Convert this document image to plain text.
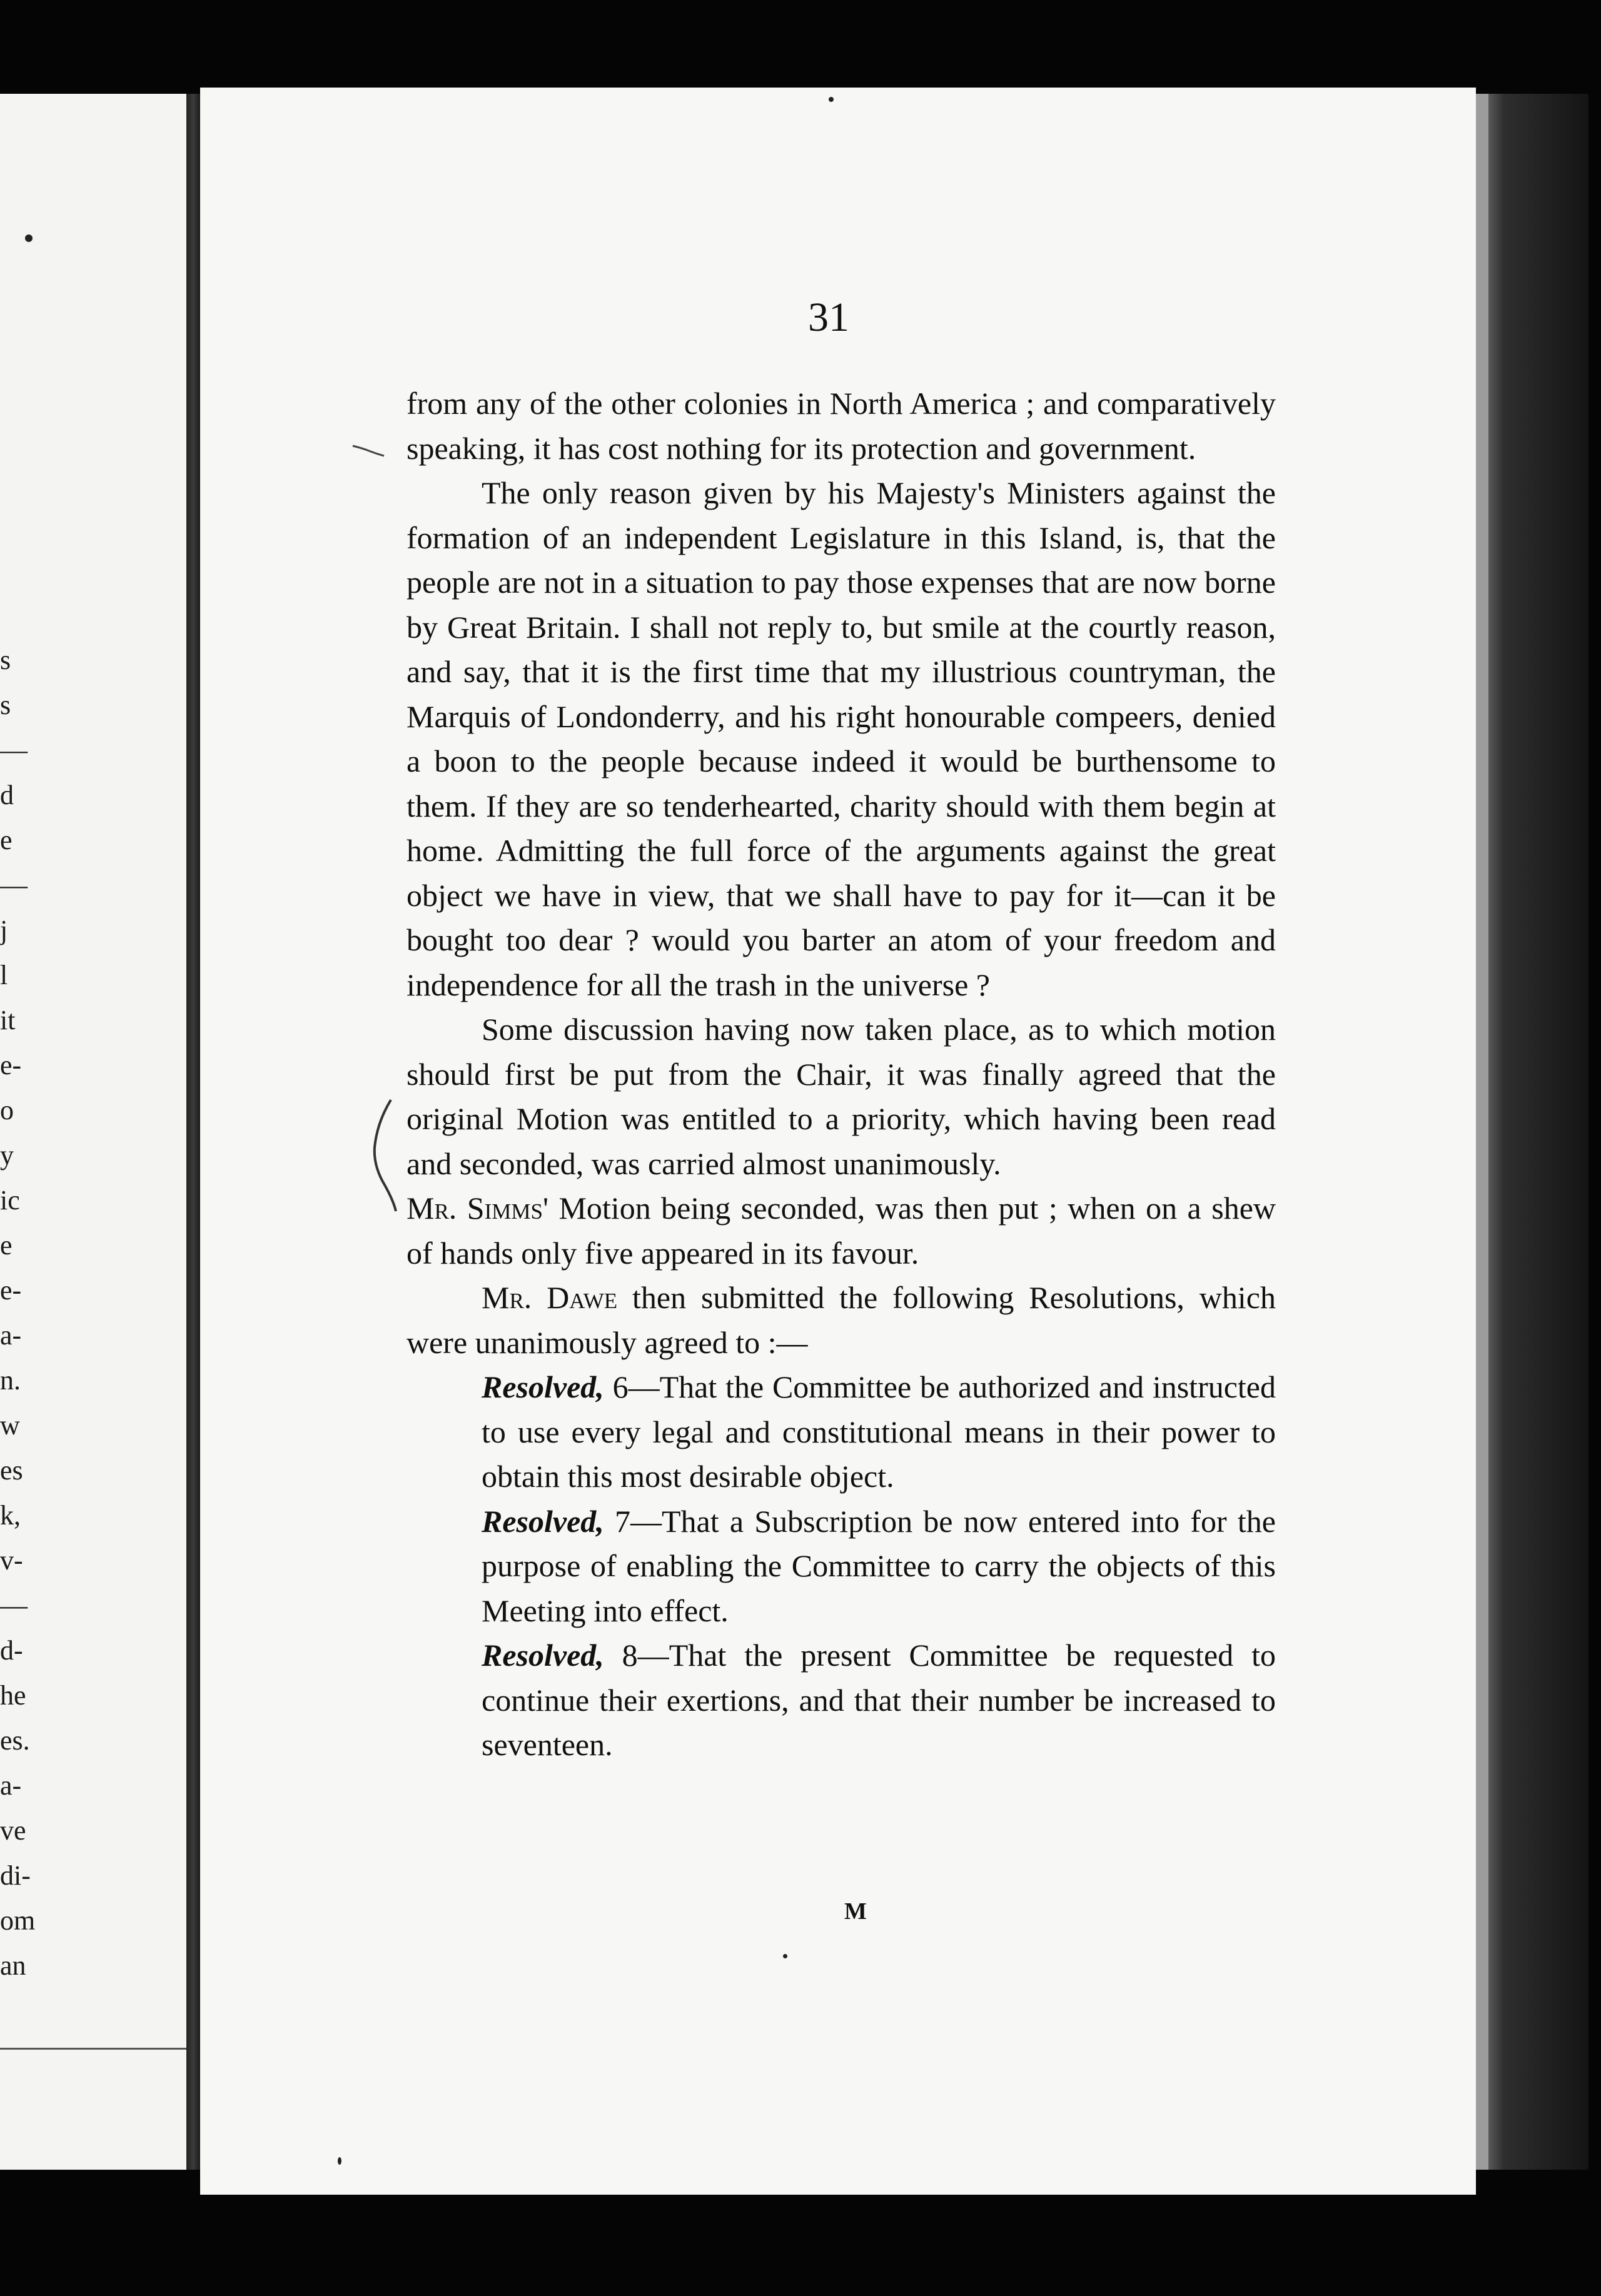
s
s
—
d
e
—
j
l
it
e-
o
y
ic
e
e-
a-
n.
w
es
k,
v-
—
d-
he
es.
a-
ve
di-
om
an
31

from any of the other colonies in North America ; and comparatively speaking, it has cost nothing for its protection and government.

The only reason given by his Majesty's Ministers against the formation of an independent Legislature in this Island, is, that the people are not in a situation to pay those expenses that are now borne by Great Britain. I shall not reply to, but smile at the courtly reason, and say, that it is the first time that my illustrious countryman, the Marquis of Londonderry, and his right honourable compeers, denied a boon to the people because indeed it would be burthensome to them. If they are so tenderhearted, charity should with them begin at home. Admitting the full force of the arguments against the great object we have in view, that we shall have to pay for it—can it be bought too dear ? would you barter an atom of your freedom and independence for all the trash in the universe ?

Some discussion having now taken place, as to which motion should first be put from the Chair, it was finally agreed that the original Motion was entitled to a priority, which having been read and seconded, was carried almost unanimously.

Mr. Simms' Motion being seconded, was then put ; when on a shew of hands only five appeared in its favour.

Mr. Dawe then submitted the following Resolutions, which were unanimously agreed to :—

Resolved, 6—That the Committee be authorized and instructed to use every legal and constitutional means in their power to obtain this most desirable object.

Resolved, 7—That a Subscription be now entered into for the purpose of enabling the Committee to carry the objects of this Meeting into effect.

Resolved, 8—That the present Committee be requested to continue their exertions, and that their number be increased to seventeen.

M
